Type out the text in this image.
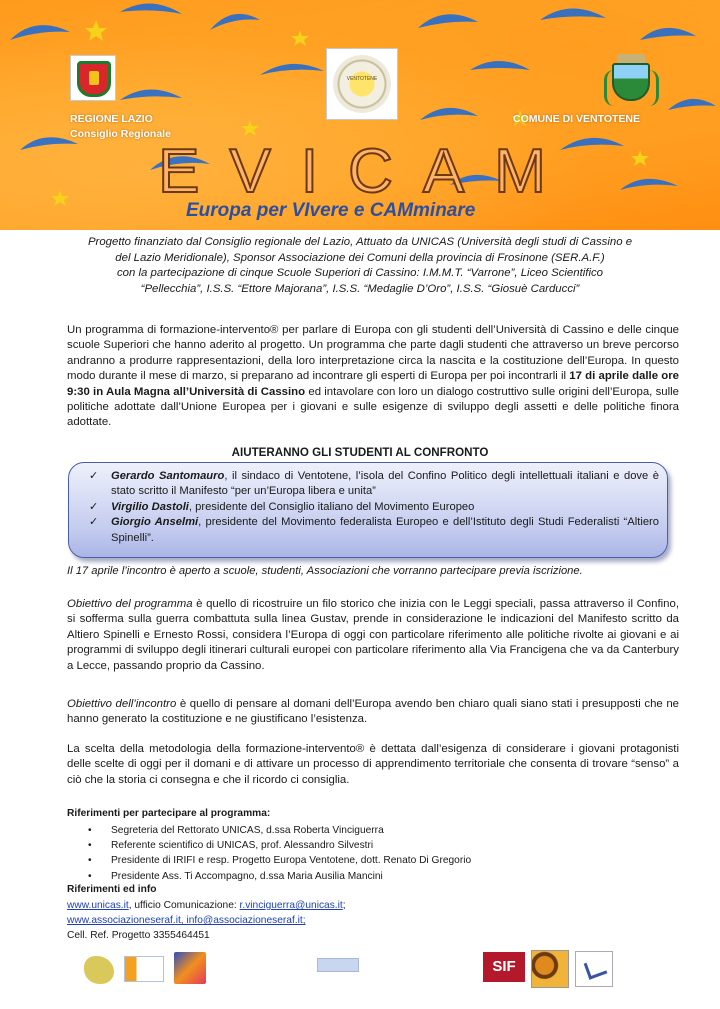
VENTOTENE
REGIONE LAZIO
Consiglio Regionale
COMUNE DI VENTOTENE
EVICAM
Europa per VIvere e CAMminare
Progetto finanziato dal Consiglio regionale del Lazio, Attuato da UNICAS (Università degli studi di Cassino e
del Lazio Meridionale), Sponsor Associazione dei Comuni della provincia di Frosinone (SER.A.F.)
con la partecipazione di cinque Scuole Superiori di Cassino: I.M.M.T. “Varrone”, Liceo Scientifico
“Pellecchia”, I.S.S. “Ettore Majorana”, I.S.S. “Medaglie D’Oro”, I.S.S. “Giosuè Carducci”
Un programma di formazione-intervento® per parlare di Europa con gli studenti dell’Università di Cassino e delle cinque scuole Superiori che hanno aderito al progetto. Un programma che parte dagli studenti che attraverso un breve percorso andranno a produrre rappresentazioni, della loro interpretazione circa la nascita e la costituzione dell’Europa. In questo modo durante il mese di marzo, si preparano ad incontrare gli esperti di Europa per poi incontrarli il 17 di aprile dalle ore 9:30 in Aula Magna all’Università di Cassino ed intavolare con loro un dialogo costruttivo sulle origini dell’Europa, sulle politiche adottate dall’Unione Europea per i giovani e sulle esigenze di sviluppo degli assetti e delle politiche finora adottate.
AIUTERANNO GLI STUDENTI AL CONFRONTO
✓ Gerardo Santomauro, il sindaco di Ventotene, l’isola del Confino Politico degli intellettuali italiani e dove è stato scritto il Manifesto “per un’Europa libera e unita”
✓ Virgilio Dastoli, presidente del Consiglio italiano del Movimento Europeo
✓ Giorgio Anselmi, presidente del Movimento federalista Europeo e dell’Istituto degli Studi Federalisti “Altiero Spinelli”.
Il 17 aprile l’incontro è aperto a scuole, studenti, Associazioni che vorranno partecipare previa iscrizione.
Obiettivo del programma è quello di ricostruire un filo storico che inizia con le Leggi speciali, passa attraverso il Confino, si sofferma sulla guerra combattuta sulla linea Gustav, prende in considerazione le indicazioni del Manifesto scritto da Altiero Spinelli e Ernesto Rossi, considera l’Europa di oggi con particolare riferimento alle politiche rivolte ai giovani e ai programmi di sviluppo degli itinerari culturali europei con particolare riferimento alla Via Francigena che va da Canterbury a Lecce, passando proprio da Cassino.
Obiettivo dell’incontro è quello di pensare al domani dell’Europa avendo ben chiaro quali siano stati i presupposti che ne hanno generato la costituzione e ne giustificano l’esistenza.
La scelta della metodologia della formazione-intervento® è dettata dall’esigenza di considerare i giovani protagonisti delle scelte di oggi per il domani e di attivare un processo di apprendimento territoriale che consenta di trovare “senso” a ciò che la storia ci consegna e che il ricordo ci consiglia.
Riferimenti per partecipare al programma:
• Segreteria del Rettorato UNICAS, d.ssa Roberta Vinciguerra
• Referente scientifico di UNICAS, prof. Alessandro Silvestri
• Presidente di IRIFI e resp. Progetto Europa Ventotene, dott. Renato Di Gregorio
• Presidente Ass. Ti Accompagno, d.ssa Maria Ausilia Mancini
Riferimenti ed info
www.unicas.it, ufficio Comunicazione: r.vinciguerra@unicas.it;
www.associazioneseraf.it, info@associazioneseraf.it;
Cell. Ref. Progetto 3355464451
SIF
